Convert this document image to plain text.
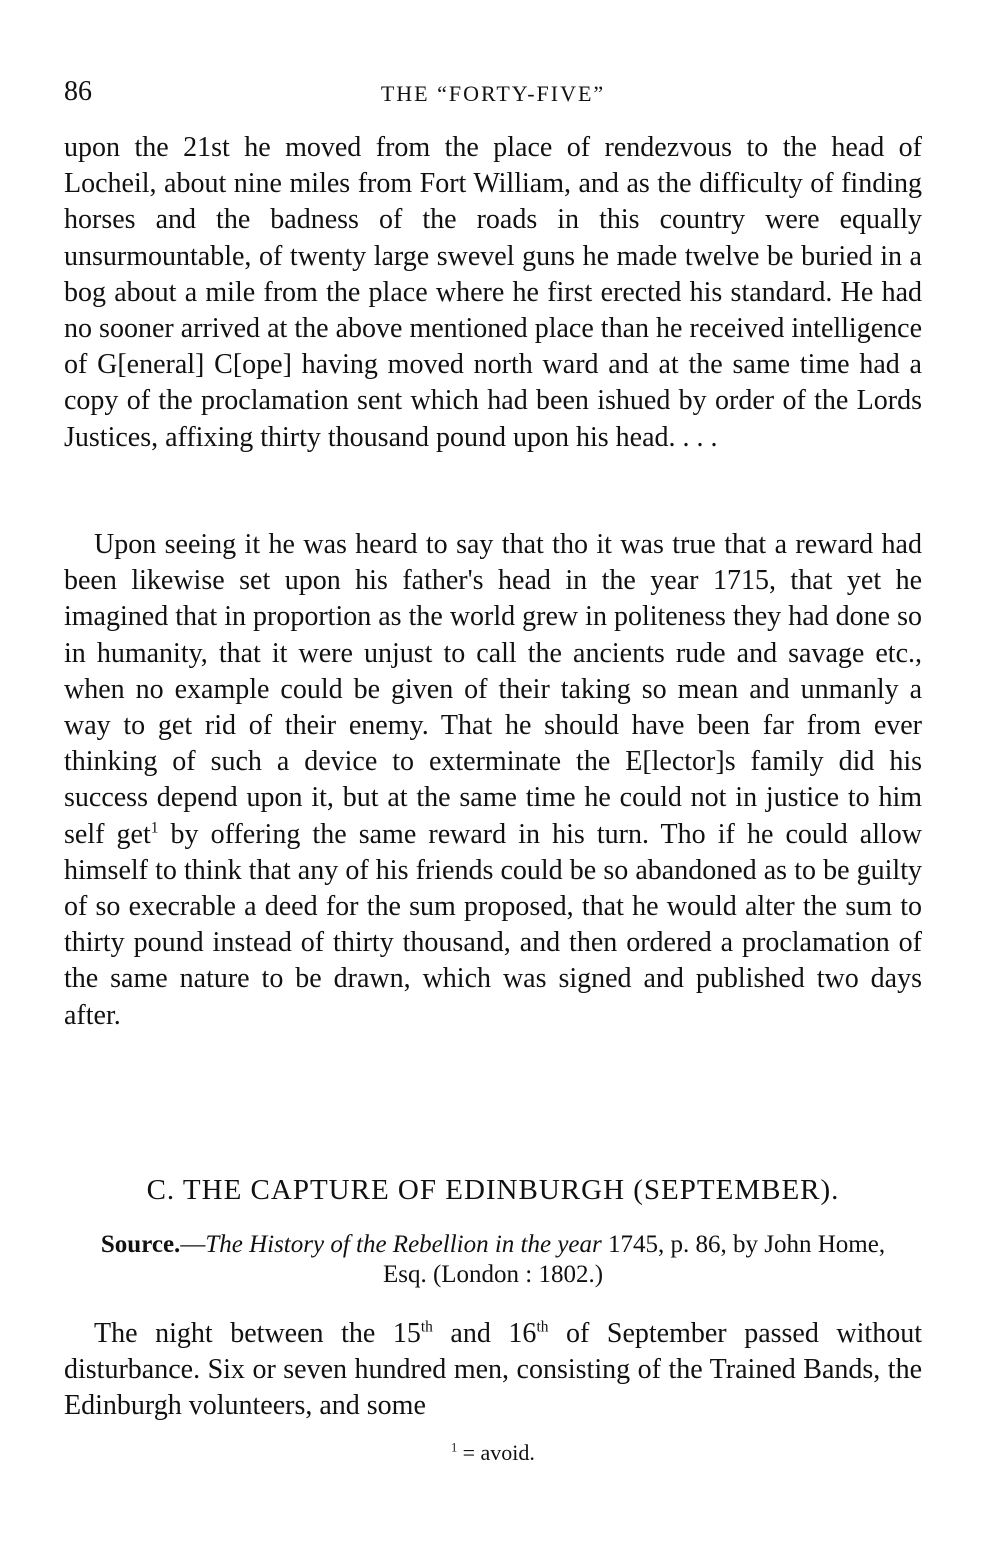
86	THE “FORTY-FIVE”

upon the 21st he moved from the place of rendezvous to the head of Locheil, about nine miles from Fort William, and as the difficulty of finding horses and the badness of the roads in this country were equally unsurmountable, of twenty large swevel guns he made twelve be buried in a bog about a mile from the place where he first erected his standard. He had no sooner arrived at the above mentioned place than he received intelligence of G[eneral] C[ope] having moved north ward and at the same time had a copy of the proclamation sent which had been ishued by order of the Lords Justices, affixing thirty thousand pound upon his head. . . .

Upon seeing it he was heard to say that tho it was true that a reward had been likewise set upon his father's head in the year 1715, that yet he imagined that in proportion as the world grew in politeness they had done so in humanity, that it were unjust to call the ancients rude and savage etc., when no example could be given of their taking so mean and unmanly a way to get rid of their enemy. That he should have been far from ever thinking of such a device to exterminate the E[lector]s family did his success depend upon it, but at the same time he could not in justice to him self get$^1$ by offering the same reward in his turn. Tho if he could allow himself to think that any of his friends could be so abandoned as to be guilty of so execrable a deed for the sum proposed, that he would alter the sum to thirty pound instead of thirty thousand, and then ordered a proclamation of the same nature to be drawn, which was signed and published two days after.

C. THE CAPTURE OF EDINBURGH (SEPTEMBER).
Source.—The History of the Rebellion in the year 1745, p. 86, by John Home, Esq. (London : 1802.)

The night between the 15th and 16th of September passed without disturbance. Six or seven hundred men, consisting of the Trained Bands, the Edinburgh volunteers, and some

$^1$ = avoid.
